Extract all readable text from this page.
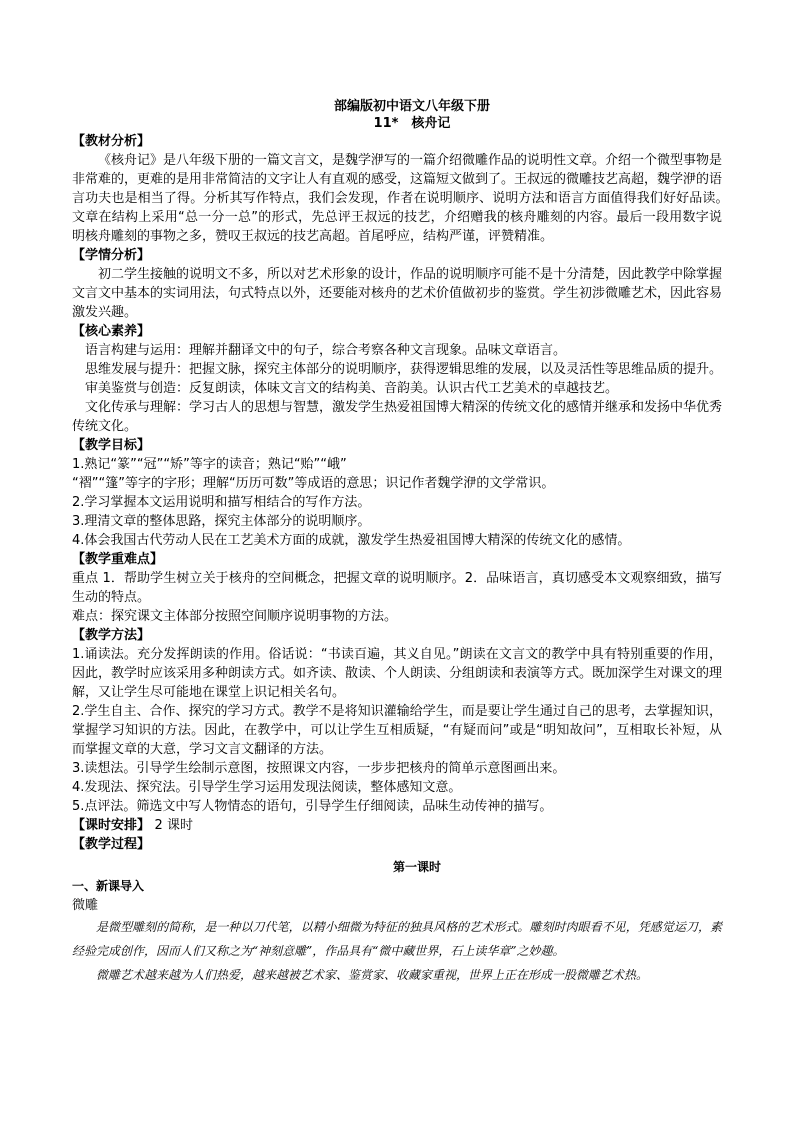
部编版初中语文八年级下册
11*　核舟记
【教材分析】
《核舟记》是八年级下册的一篇文言文，是魏学洢写的一篇介绍微雕作品的说明性文章。介绍一个微型事物是非常难的，更难的是用非常简洁的文字让人有直观的感受，这篇短文做到了。王叔远的微雕技艺高超，魏学洢的语言功夫也是相当了得。分析其写作特点，我们会发现，作者在说明顺序、说明方法和语言方面值得我们好好品读。　　文章在结构上采用“总一分一总”的形式，先总评王叔远的技艺，介绍赠我的核舟雕刻的内容。最后一段用数字说明核舟雕刻的事物之多，赞叹王叔远的技艺高超。首尾呼应，结构严谨，评赞精准。
【学情分析】
初二学生接触的说明文不多，所以对艺术形象的设计，作品的说明顺序可能不是十分清楚，因此教学中除掌握文言文中基本的实词用法，句式特点以外，还要能对核舟的艺术价值做初步的鉴赏。学生初涉微雕艺术，因此容易激发兴趣。
【核心素养】
语言构建与运用：理解并翻译文中的句子，综合考察各种文言现象。品味文章语言。
思维发展与提升：把握文脉，探究主体部分的说明顺序，获得逻辑思维的发展，以及灵活性等思维品质的提升。
审美鉴赏与创造：反复朗读，体味文言文的结构美、音韵美。认识古代工艺美术的卓越技艺。
文化传承与理解：学习古人的思想与智慧，激发学生热爱祖国博大精深的传统文化的感情并继承和发扬中华优秀传统文化。
【教学目标】
1.熟记“篆”“冠”“矫”等字的读音；熟记“贻”“峨”
“褶”“篷”等字的字形；理解“历历可数”等成语的意思；识记作者魏学洢的文学常识。
2.学习掌握本文运用说明和描写相结合的写作方法。
3.理清文章的整体思路，探究主体部分的说明顺序。
4.体会我国古代劳动人民在工艺美术方面的成就，激发学生热爱祖国博大精深的传统文化的感情。
【教学重难点】
重点 1．帮助学生树立关于核舟的空间概念，把握文章的说明顺序。2．品味语言，真切感受本文观察细致，描写生动的特点。
难点：探究课文主体部分按照空间顺序说明事物的方法。
【教学方法】
1.诵读法。充分发挥朗读的作用。俗话说：“书读百遍，其义自见。”朗读在文言文的教学中具有特别重要的作用，因此，教学时应该采用多种朗读方式。如齐读、散读、个人朗读、分组朗读和表演等方式。既加深学生对课文的理解，又让学生尽可能地在课堂上识记相关名句。
2.学生自主、合作、探究的学习方式。教学不是将知识灌输给学生，而是要让学生通过自己的思考，去掌握知识，掌握学习知识的方法。因此，在教学中，可以让学生互相质疑，“有疑而问”或是“明知故问”，互相取长补短，从而掌握文章的大意，学习文言文翻译的方法。
3.读想法。引导学生绘制示意图，按照课文内容，一步步把核舟的简单示意图画出来。
4.发现法、探究法。引导学生学习运用发现法阅读，整体感知文意。
5.点评法。筛选文中写人物情态的语句，引导学生仔细阅读，品味生动传神的描写。
【课时安排】 2 课时
【教学过程】
第一课时
一、新课导入
微雕
是微型雕刻的简称，是一种以刀代笔，以精小细微为特征的独具风格的艺术形式。雕刻时肉眼看不见，凭感觉运刀，素经验完成创作，因而人们又称之为“神刻意雕”，作品具有“微中藏世界，石上读华章”之妙趣。
微雕艺术越来越为人们热爱，越来越被艺术家、鉴赏家、收藏家重视，世界上正在形成一股微雕艺术热。
